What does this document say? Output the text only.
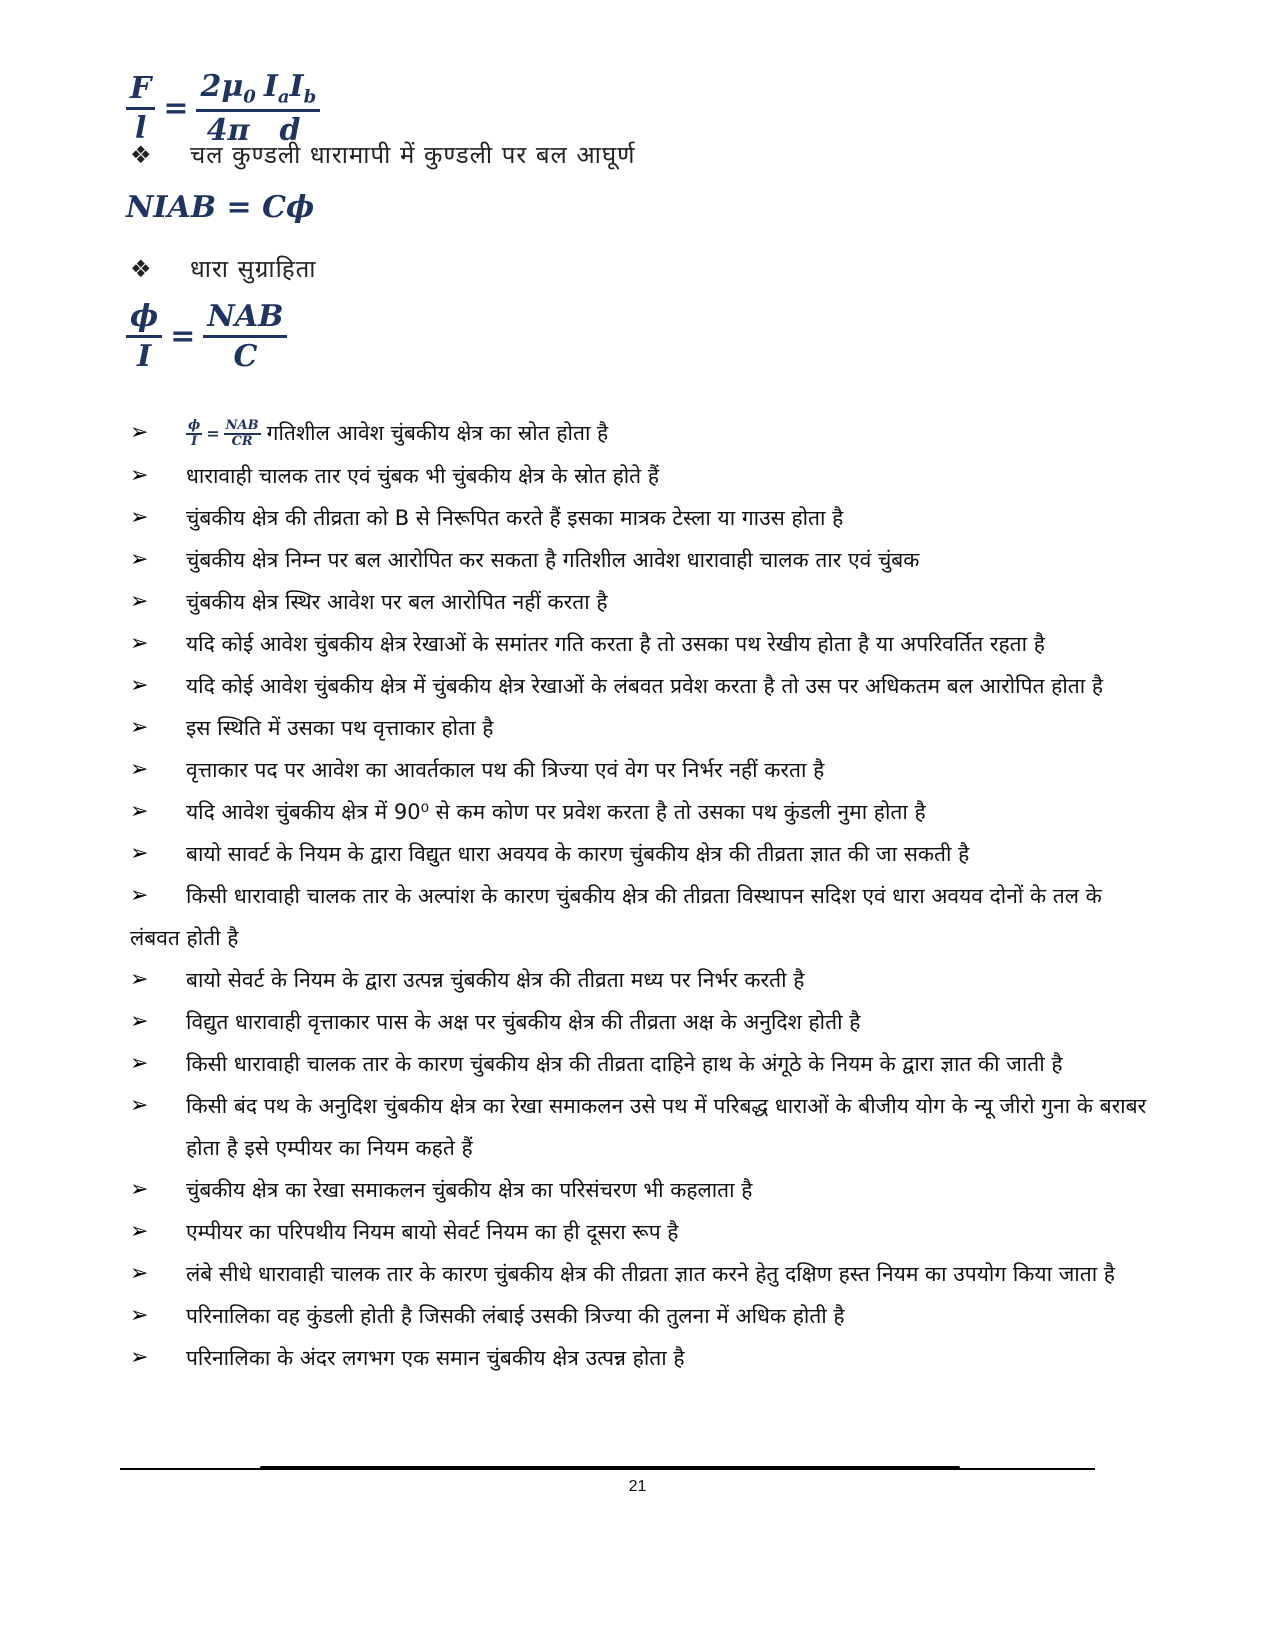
$\frac{F}{l} = \frac{2\mu_0}{4\pi} \frac{I_aI_b}{d}$
❖ चल कुण्डली धारामापी में कुण्डली पर बल आघूर्ण
NIAB = Cϕ
❖ धारा सुग्राहिता
$\frac{\phi}{I} = \frac{\text{NAB}}{C}$
➢	$\frac{\phi}{I} = \frac{\text{NAB}}{CR}$ गतिशील आवेश चुंबकीय क्षेत्र का स्रोत होता है
➢	धारावाही चालक तार एवं चुंबक भी चुंबकीय क्षेत्र के स्रोत होते हैं
➢	चुंबकीय क्षेत्र की तीव्रता को B से निरूपित करते हैं इसका मात्रक टेस्ला या गाउस होता है
➢	चुंबकीय क्षेत्र निम्न पर बल आरोपित कर सकता है गतिशील आवेश धारावाही चालक तार एवं चुंबक
➢	चुंबकीय क्षेत्र स्थिर आवेश पर बल आरोपित नहीं करता है
➢	यदि कोई आवेश चुंबकीय क्षेत्र रेखाओं के समांतर गति करता है तो उसका पथ रेखीय होता है या अपरिवर्तित रहता है
➢	यदि कोई आवेश चुंबकीय क्षेत्र में चुंबकीय क्षेत्र रेखाओं के लंबवत प्रवेश करता है तो उस पर अधिकतम बल आरोपित होता है
➢	इस स्थिति में उसका पथ वृत्ताकार होता है
➢	वृत्ताकार पद पर आवेश का आवर्तकाल पथ की त्रिज्या एवं वेग पर निर्भर नहीं करता है
➢	यदि आवेश चुंबकीय क्षेत्र में 90⁰ से कम कोण पर प्रवेश करता है तो उसका पथ कुंडली नुमा होता है
➢	बायो सावर्ट के नियम के द्वारा विद्युत धारा अवयव के कारण चुंबकीय क्षेत्र की तीव्रता ज्ञात की जा सकती है
➢	किसी धारावाही चालक तार के अल्पांश के कारण चुंबकीय क्षेत्र की तीव्रता विस्थापन सदिश एवं धारा अवयव दोनों के तल के लंबवत होती है
➢	बायो सेवर्ट के नियम के द्वारा उत्पन्न चुंबकीय क्षेत्र की तीव्रता मध्य पर निर्भर करती है
➢	विद्युत धारावाही वृत्ताकार पास के अक्ष पर चुंबकीय क्षेत्र की तीव्रता अक्ष के अनुदिश होती है
➢	किसी धारावाही चालक तार के कारण चुंबकीय क्षेत्र की तीव्रता दाहिने हाथ के अंगूठे के नियम के द्वारा ज्ञात की जाती है
➢	किसी बंद पथ के अनुदिश चुंबकीय क्षेत्र का रेखा समाकलन उसे पथ में परिबद्ध धाराओं के बीजीय योग के न्यू जीरो गुना के बराबर होता है इसे एम्पीयर का नियम कहते हैं
➢	चुंबकीय क्षेत्र का रेखा समाकलन चुंबकीय क्षेत्र का परिसंचरण भी कहलाता है
➢	एम्पीयर का परिपथीय नियम बायो सेवर्ट नियम का ही दूसरा रूप है
➢	लंबे सीधे धारावाही चालक तार के कारण चुंबकीय क्षेत्र की तीव्रता ज्ञात करने हेतु दक्षिण हस्त नियम का उपयोग किया जाता है
➢	परिनालिका वह कुंडली होती है जिसकी लंबाई उसकी त्रिज्या की तुलना में अधिक होती है
➢	परिनालिका के अंदर लगभग एक समान चुंबकीय क्षेत्र उत्पन्न होता है
21
